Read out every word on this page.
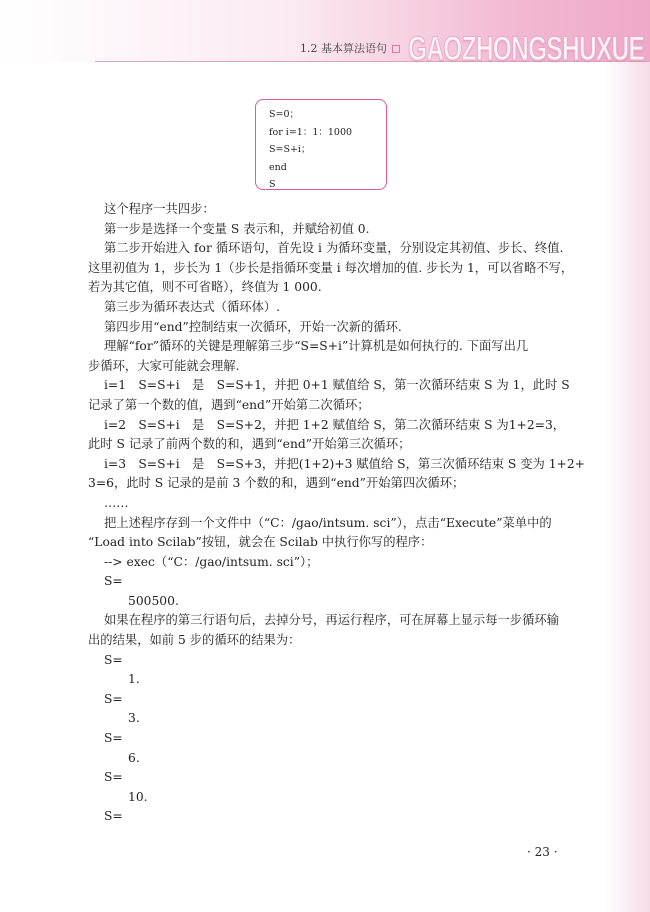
1.2 基本算法语句 GAOZHONGSHUXUE
S=0；
for i=1：1：1000
S=S+i；
end
S
这个程序一共四步：
第一步是选择一个变量 S 表示和，并赋给初值 0.
第二步开始进入 for 循环语句，首先设 i 为循环变量，分别设定其初值、步长、终值.
这里初值为 1，步长为 1（步长是指循环变量 i 每次增加的值. 步长为 1，可以省略不写，
若为其它值，则不可省略），终值为 1 000.
第三步为循环表达式（循环体）.
第四步用“end”控制结束一次循环，开始一次新的循环.
理解“for”循环的关键是理解第三步“S=S+i”计算机是如何执行的. 下面写出几
步循环，大家可能就会理解.
i=1　S=S+i　是　S=S+1，并把 0+1 赋值给 S，第一次循环结束 S 为 1，此时 S
记录了第一个数的值，遇到“end”开始第二次循环；
i=2　S=S+i　是　S=S+2，并把 1+2 赋值给 S，第二次循环结束 S 为1+2=3，
此时 S 记录了前两个数的和，遇到“end”开始第三次循环；
i=3　S=S+i　是　S=S+3，并把(1+2)+3 赋值给 S，第三次循环结束 S 变为 1+2+
3=6，此时 S 记录的是前 3 个数的和，遇到“end”开始第四次循环；
……
把上述程序存到一个文件中（“C：/gao/intsum. sci”），点击“Execute”菜单中的
“Load into Scilab”按钮，就会在 Scilab 中执行你写的程序：
--> exec（“C：/gao/intsum. sci”）；
S=
500500.
如果在程序的第三行语句后，去掉分号，再运行程序，可在屏幕上显示每一步循环输
出的结果，如前 5 步的循环的结果为：
S=
1.
S=
3.
S=
6.
S=
10.
S=
· 23 ·
